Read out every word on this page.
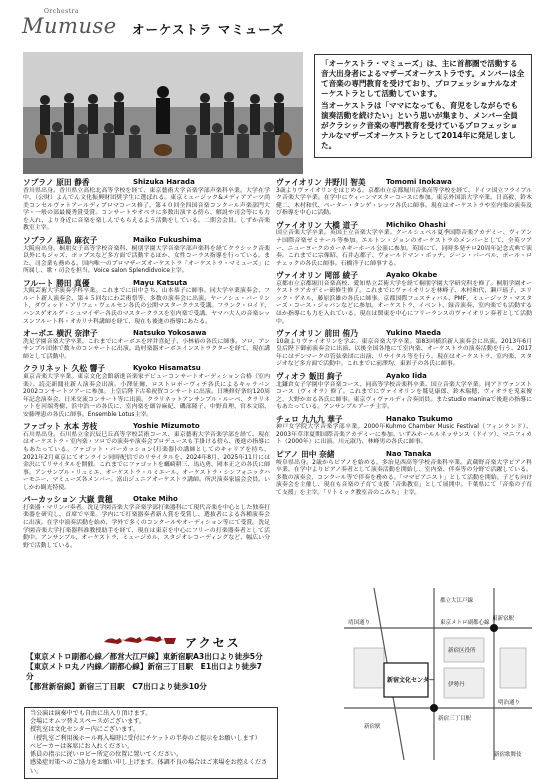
Orchestra
Mumuse オーケストラ マミューズ

「オーケストラ・マミューズ」は、主に首都圏で活動する音大出身者によるマザーズオーケストラです。メンバーは全て音楽の専門教育を受けており、プロフェッショナルなオーケストラとして活動しています。

当オーケストラは「ママになっても、育児をしながらでも演奏活動を続けたい」という思いが集まり、メンバー全員がクラシック音楽の専門教育を受けているプロフェッショナルなマザーズオーケストラとして2014年に発足しました。

ソプラノ 原田 静香	Shizuka Harada

香川県出身。香川県立高松北高等学校を経て、東京藝術大学音楽学部声楽科卒業。大学在学中、（公財）よんでん文化振興財団奨学生に選ばれる。東京ミュージック&メディアアーツ尚美コンセルヴァトアールディプロマコース修了。第４０回全四国音楽コンクール声楽部門大学・一般の部最優秀賞受賞。コンサートやオペラに多数出演する傍ら、解説や司会等にも力を入れ、より身近に音楽を楽しんでもらえるよう活動をしている。二期会会員。しずか音楽教室主宰。

ソプラノ 福島 麻衣子	Maiko Fukushima

大阪府出身。桐朋女子高等学校音楽科、桐朋学園大学音楽学部声楽科を経てクラシック音楽以外にもジャズ、ポップスなど多方面で活動するほか、女性コーラス指導を行っている。また、司会業も務める。国内唯一のプロマザーズオーケストラ「オーケストラ・マミューズ」に所属し、歌・司会を担当。Voice salon Splendidvoice主宰。

フルート 勝田 真優	Mayu Katsuta

大阪芸術大学演奏学科卒業。これまでに田中さち、山本恭子に師事。同大学卒業演奏会、フルート新人演奏会、第４５回なにわ芸術祭等、多数の演奏会に出演。ヤーノシュ・バーリント、ダヴィッド・アリフェ・ヴェルセン各氏の公開マスタークラス受講。フランク・ロイド、ハンスゲオルグ・シュマイザー各氏のマスタークラスを室内楽で受講。ヤマハ大人の音楽レッスンフルート科・オカリナ科講師を経て、現在も後進の指導にあたる。

オーボエ 横沢 奈津子	Natsuko Yokosawa

洗足学園音楽大学卒業。これまでにオーボエを坪井喜紀子、小林裕の各氏に師事。ソロ、アンサンブル団体で数々のコンサートに出演。島村楽器オーボエインストラクターを経て、現在講師として活動中。

クラリネット 久松 響子	Kyoko Hisamatsu

東京音楽大学卒業。東京文化会館新進音楽家デビューコンサートオーディション合格（室内楽）。読売新聞社新人演奏会出演。小澤征爾、ロストロポーヴィチ各氏によるキャラバン2002コンサートツアーに参加。上皇后陛下古希祝賀コンサートに出演。日墺修好条約120周年記念演奏会、日米交流コンサート等に出演。クラリネットアンサンブル・ルーベ、クラリネットを河端秀樹、浜中浩一の各氏に、室内楽を細谷麻紀、磯部隆子、中野真理、宮本文昭、安藤理恵の各氏に師事。Ensemble Lotus主宰。

ファゴット 水本 芳枝	Yoshie Mizumoto

石川県出身。石川県立金沢辰巳丘高等学校芸術コース、東京藝術大学音楽学部を経て、現在はオーケストラ・室内楽・ソロでの演奏や演奏会プロデュースも手掛ける傍ら、後進の指導にもあたっている。ファゴット・パーカッション(打楽器)の講師としてのキャリアを持ち、2021年2月東京にてオンライン同時配信でのリサイタルを、2024年8月、2025年11月には金沢にてリサイタルを開催。これまでにファゴットを蠣崎耕三、馬込勇、岡本正之の各氏に師事。アンサンブル・リュミエ、オーケストラ・ルミエール、オーケストラ・シンフォニックハーモニー、マミューズ各メンバー。富山ジュニアオーケストラ講師。所沢演奏家協会会員。いしかわ観光特使。

パーカッション 大嶽 貴穂	Otake Miho

打楽器・マリンバ奏者。洗足学園音楽大学音楽学部打楽器科にて現代音楽を中心とした独奏打楽器を研究し、首席で卒業。学内にて打楽器奏者新人賞を受賞し、選抜者による各種演奏会に出演。在学中演奏活動を始め、学外で多くのコンクールやオーディション等にて受賞。洗足学園音楽大学打楽器科准教授助手を経て、現在は東京を中心にフリーの打楽器奏者として活動中。アンサンブル、オーケストラ、ミュージカル、スタジオレコーディングなど、幅広い分野で活動している。

ヴァイオリン 井野川 智美	Tomomi Inokawa

3歳よりヴァイオリンをはじめる。京都市立京都堀川音楽高等学校を経て、ドイツ国立フライブルク音楽大学卒業。在学中にウィーンマスターコースに参加。東京外国語大学卒業。日高毅、鈴木健二、木村和代、ペーター・タンゲ・レッツ各氏に師事。現在はオーケストラや室内楽の演奏及び指導を中心に活動。

ヴァイオリン 大橋 道子	Michiko Ohashi

国立音楽大学卒業。英国王立音楽大学卒業。クールシュベル夏季国際音楽アカデミー、ヴィアンナ国際音楽ゼミナール等参加。エルトン・ジョンのオーケストラのメンバーとして、全英ツアー、ニューヨークのカーネギーホール公演に参加。英国にて、同時多発テロ20周年記念式典で演奏。これまでに宗像昭、石井志都子、ヴォールドマン・ボッチ、ジーン・バーベル、ポール・ロチェックの各氏に師事。石橋洋子に師事する。

ヴァイオリン 岡部 綾子	Ayako Okabe

京都市立京都堀川音楽高校、愛知県立芸術大学を経て桐朋学園大学研究科を修了。桐朋学園オーケストラアカデミー研修生修了。これまでにヴァイオリンを林峰子、木村和代、瀬戸瑶子、エリック・ゲネル、藤原浜雄の各氏に師事。京都国際フェスティバル、PMF、ミュージック・マスターズ・コース・ジャパンなどに参加。オーケストラ、イベント、録音演奏、室内楽でも活動するほか指導にも力を入れている。現在は関東を中心にフリーランスのヴァイオリン奏者として活動中。

ヴァイオリン 前田 侑乃	Yukino Maeda

10歳よりヴァイオリンを学ぶ。東京音楽大学卒業。第83回横浜新人演奏会に出演。2013年6月皇后陛下御前演奏会に出演、以後全国各地にて室内楽、オーケストラの演奏活動を行う。2017年にはデンマークの管弦楽団に出演、リサイタル等を行う。現在はオーケストラ、室内楽、スタジオなど多方面で活動中。これまでに前澤均、東彩子の各氏に師事。

ヴィオラ 飯田 絢子	Ayako Iida

北鎌倉女子学園中学音楽コース、同高等学校音楽科卒業。国立音楽大学卒業。同アドヴァンストコース（ヴィオラ）修了。これまでにヴァイオリンを鷲見康郎、鈴木瑞穂、ヴィオラを兎束俊之、大野かおる各氏に師事。東京ヴィヴァルディ合奏団員。またstudio maninaで後進の指導にもあたっている。アンサンブルアーチ主宰。

チェロ 九九九 華子	Hanako Tsukumo

神戸女学院大学音楽学部卒業。2000年Kuhmo Chamber Music Festival（フィンランド）、2003年草津夏期国際音楽アカデミーに参加。いずみホールルネッサンス（ドイツ）、マニフィカト（2000年）に出演。川元淑乃、林峰男の各氏に師事。

ピアノ 田中 奈緒	Nao Tanaka

岐阜県出身。2歳からピアノを始める。多治見西高等学校音楽科卒業。武蔵野音楽大学ピアノ科卒業。在学中よりピアノ奏者として演奏活動を開始し、室内楽、伴奏等の分野で活躍している。多数の演奏会、コンクール等で伴奏を務める。「ママピアニスト」として活動を開始。子ども向け演奏会を主催し、現在も音楽の子育て支援「音楽教室」として展開中。千葉県にて「音楽の子育て支援」を主宰。「リトミック教室音のこみち」主宰。

アクセス
【東京メトロ副都心線／都営大江戸線】東新宿駅A3出口より徒歩5分
【東京メトロ丸ノ内線／副都心線】新宿三丁目駅　E1出口より徒歩7分
【都営新宿線】新宿三丁目駅　C7出口より徒歩10分
当公演は演奏中でも自由に出入り頂けます。
会場にオムツ替えスペースがございます。
授乳室は文化センター内にございます。
（授乳室ご利用後ホール再入場時に受付にチケットの半券のご提示をお願いします）
ベビーカーは客席にお入れください。
係員の指示に従いロビー所定の位置に置いてください。
感染症対策へのご協力をお願い申し上げます。体調不良の場合はご来場をお控えください。
都立大江戸線
東新宿駅
東京メトロ副都心線
新宿三丁目駅
伊勢丹
新宿文化センター
新宿区役所
新宿駅
明治通り
靖国通り
新宿歌舞伎
